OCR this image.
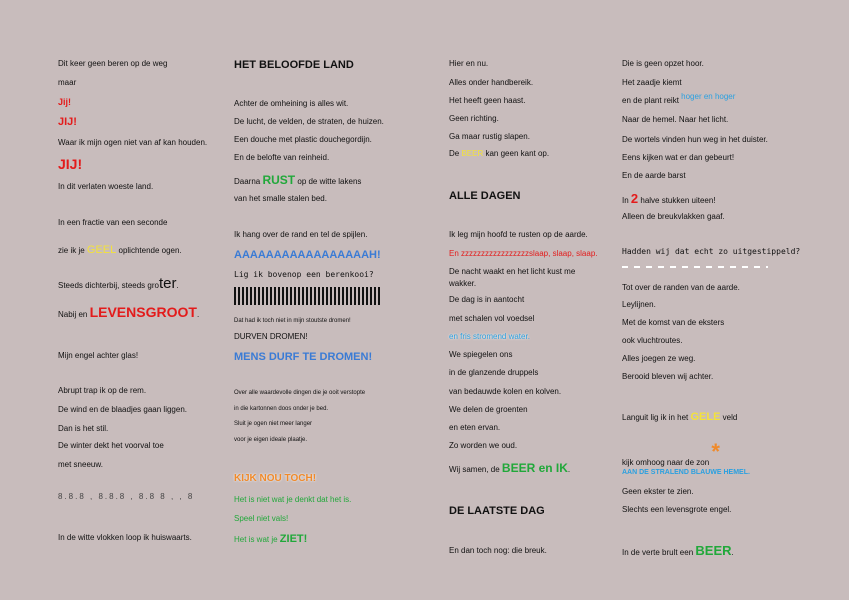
Dit keer geen beren op de weg
maar
Jij!
JIJ!
Waar ik mijn ogen niet van af kan houden.
JIJ!
In dit verlaten woeste land.
In een fractie van een seconde
zie ik je GEEL oplichtende ogen.
Steeds dichterbij, steeds groter.
Nabij en LEVENSGROOT.
Mijn engel achter glas!
Abrupt trap ik op de rem.
De wind en de blaadjes gaan liggen.
Dan is het stil.
De winter dekt het voorval toe
met sneeuw.
8.8.8 , 8.8.8 , 8.8 8 , , 8
In de witte vlokken loop ik huiswaarts.
HET BELOOFDE LAND
Achter de omheining is alles wit.
De lucht, de velden, de straten, de huizen.
Een douche met plastic douchegordijn.
En de belofte van reinheid.
Daarna RUST op de witte lakens
van het smalle stalen bed.
Ik hang over de rand en tel de spijlen.
AAAAAAAAAAAAAAAAAH!
Lig ik bovenop een berenkooi?
Dat had ik toch niet in mijn stoutste dromen!
DURVEN DROMEN!
MENS DURF TE DROMEN!
Over alle waardevolle dingen die je ooit verstopte
in die kartonnen doos onder je bed.
Sluit je ogen niet meer langer
voor je eigen ideale plaatje.
KIJK NOU TOCH!
Het is niet wat je denkt dat het is.
Speel niet vals!
Het is wat je ZIET!
Hier en nu.
Alles onder handbereik.
Het heeft geen haast.
Geen richting.
Ga maar rustig slapen.
De BEER kan geen kant op.
ALLE DAGEN
Ik leg mijn hoofd te rusten op de aarde.
En zzzzzzzzzzzzzzzzzslaap, slaap, slaap.
De nacht waakt en het licht kust me
wakker.
De dag is in aantocht
met schalen vol voedsel
en fris stromend water.
We spiegelen ons
in de glanzende druppels
van bedauwde kolen en kolven.
We delen de groenten
en eten ervan.
Zo worden we oud.
Wij samen, de BEER en IK.
DE LAATSTE DAG
En dan toch nog: die breuk.
Die is geen opzet hoor.
Het zaadje kiemt
en de plant reikt hoger en hoger
Naar de hemel. Naar het licht.
De wortels vinden hun weg in het duister.
Eens kijken wat er dan gebeurt!
En de aarde barst
In 2 halve stukken uiteen!
Alleen de breukvlakken gaaf.
Hadden wij dat echt zo uitgestippeld?
Tot over de randen van de aarde.
Leylijnen.
Met de komst van de eksters
ook vluchtroutes.
Alles joegen ze weg.
Berooid bleven wij achter.
Languit lig ik in het GELE veld
kijk omhoog naar de zon *
AAN DE STRALEND BLAUWE HEMEL.
Geen ekster te zien.
Slechts een levensgrote engel.
In de verte brult een BEER.
